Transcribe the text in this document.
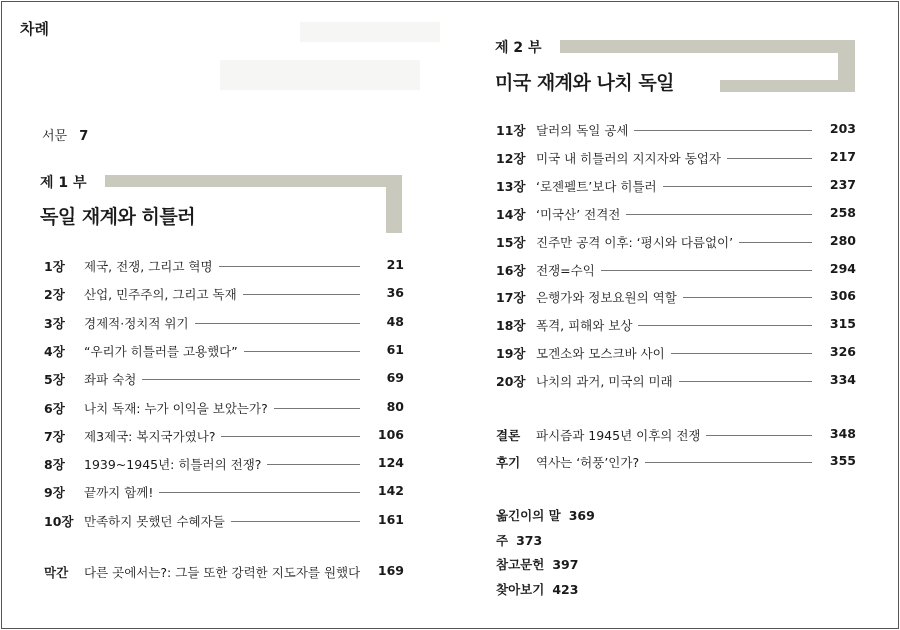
차례
서문 7
제 1 부
독일 재계와 히틀러
1장 제국, 전쟁, 그리고 혁명	21
2장 산업, 민주주의, 그리고 독재	36
3장 경제적·정치적 위기	48
4장 “우리가 히틀러를 고용했다”	61
5장 좌파 숙청	69
6장 나치 독재: 누가 이익을 보았는가?	80
7장 제3제국: 복지국가였나?	106
8장 1939~1945년: 히틀러의 전쟁?	124
9장 끝까지 함께!	142
10장 만족하지 못했던 수혜자들	161
막간 다른 곳에서는?: 그들 또한 강력한 지도자를 원했다	169
제 2 부
미국 재계와 나치 독일
11장 달러의 독일 공세	203
12장 미국 내 히틀러의 지지자와 동업자	217
13장 ‘로젠펠트’보다 히틀러	237
14장 ‘미국산’ 전격전	258
15장 진주만 공격 이후: ‘평시와 다름없이’	280
16장 전쟁=수익	294
17장 은행가와 정보요원의 역할	306
18장 폭격, 피해와 보상	315
19장 모겐소와 모스크바 사이	326
20장 나치의 과거, 미국의 미래	334
결론 파시즘과 1945년 이후의 전쟁	348
후기 역사는 ‘허풍’인가?	355
옮긴이의 말 369
주 373
참고문헌 397
찾아보기 423
